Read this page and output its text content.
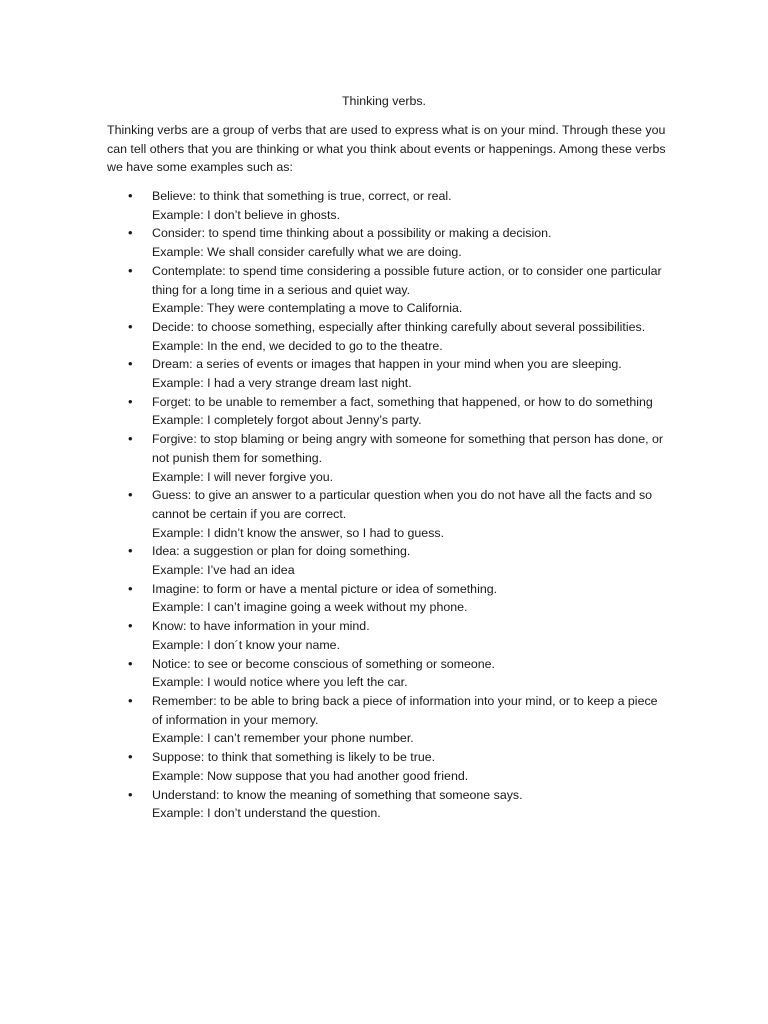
Thinking verbs.

Thinking verbs are a group of verbs that are used to express what is on your mind. Through these you can tell others that you are thinking or what you think about events or happenings. Among these verbs we have some examples such as:

• Believe: to think that something is true, correct, or real.
Example: I don’t believe in ghosts.
• Consider: to spend time thinking about a possibility or making a decision.
Example: We shall consider carefully what we are doing.
• Contemplate: to spend time considering a possible future action, or to consider one particular thing for a long time in a serious and quiet way.
Example: They were contemplating a move to California.
• Decide: to choose something, especially after thinking carefully about several possibilities.
Example: In the end, we decided to go to the theatre.
• Dream: a series of events or images that happen in your mind when you are sleeping.
Example: I had a very strange dream last night.
• Forget: to be unable to remember a fact, something that happened, or how to do something
Example: I completely forgot about Jenny’s party.
• Forgive: to stop blaming or being angry with someone for something that person has done, or not punish them for something.
Example: I will never forgive you.
• Guess: to give an answer to a particular question when you do not have all the facts and so cannot be certain if you are correct.
Example: I didn’t know the answer, so I had to guess.
• Idea: a suggestion or plan for doing something.
Example: I’ve had an idea
• Imagine: to form or have a mental picture or idea of something.
Example: I can’t imagine going a week without my phone.
• Know: to have information in your mind.
Example: I don´t know your name.
• Notice: to see or become conscious of something or someone.
Example: I would notice where you left the car.
• Remember: to be able to bring back a piece of information into your mind, or to keep a piece of information in your memory.
Example: I can’t remember your phone number.
• Suppose: to think that something is likely to be true.
Example: Now suppose that you had another good friend.
• Understand: to know the meaning of something that someone says.
Example: I don’t understand the question.
